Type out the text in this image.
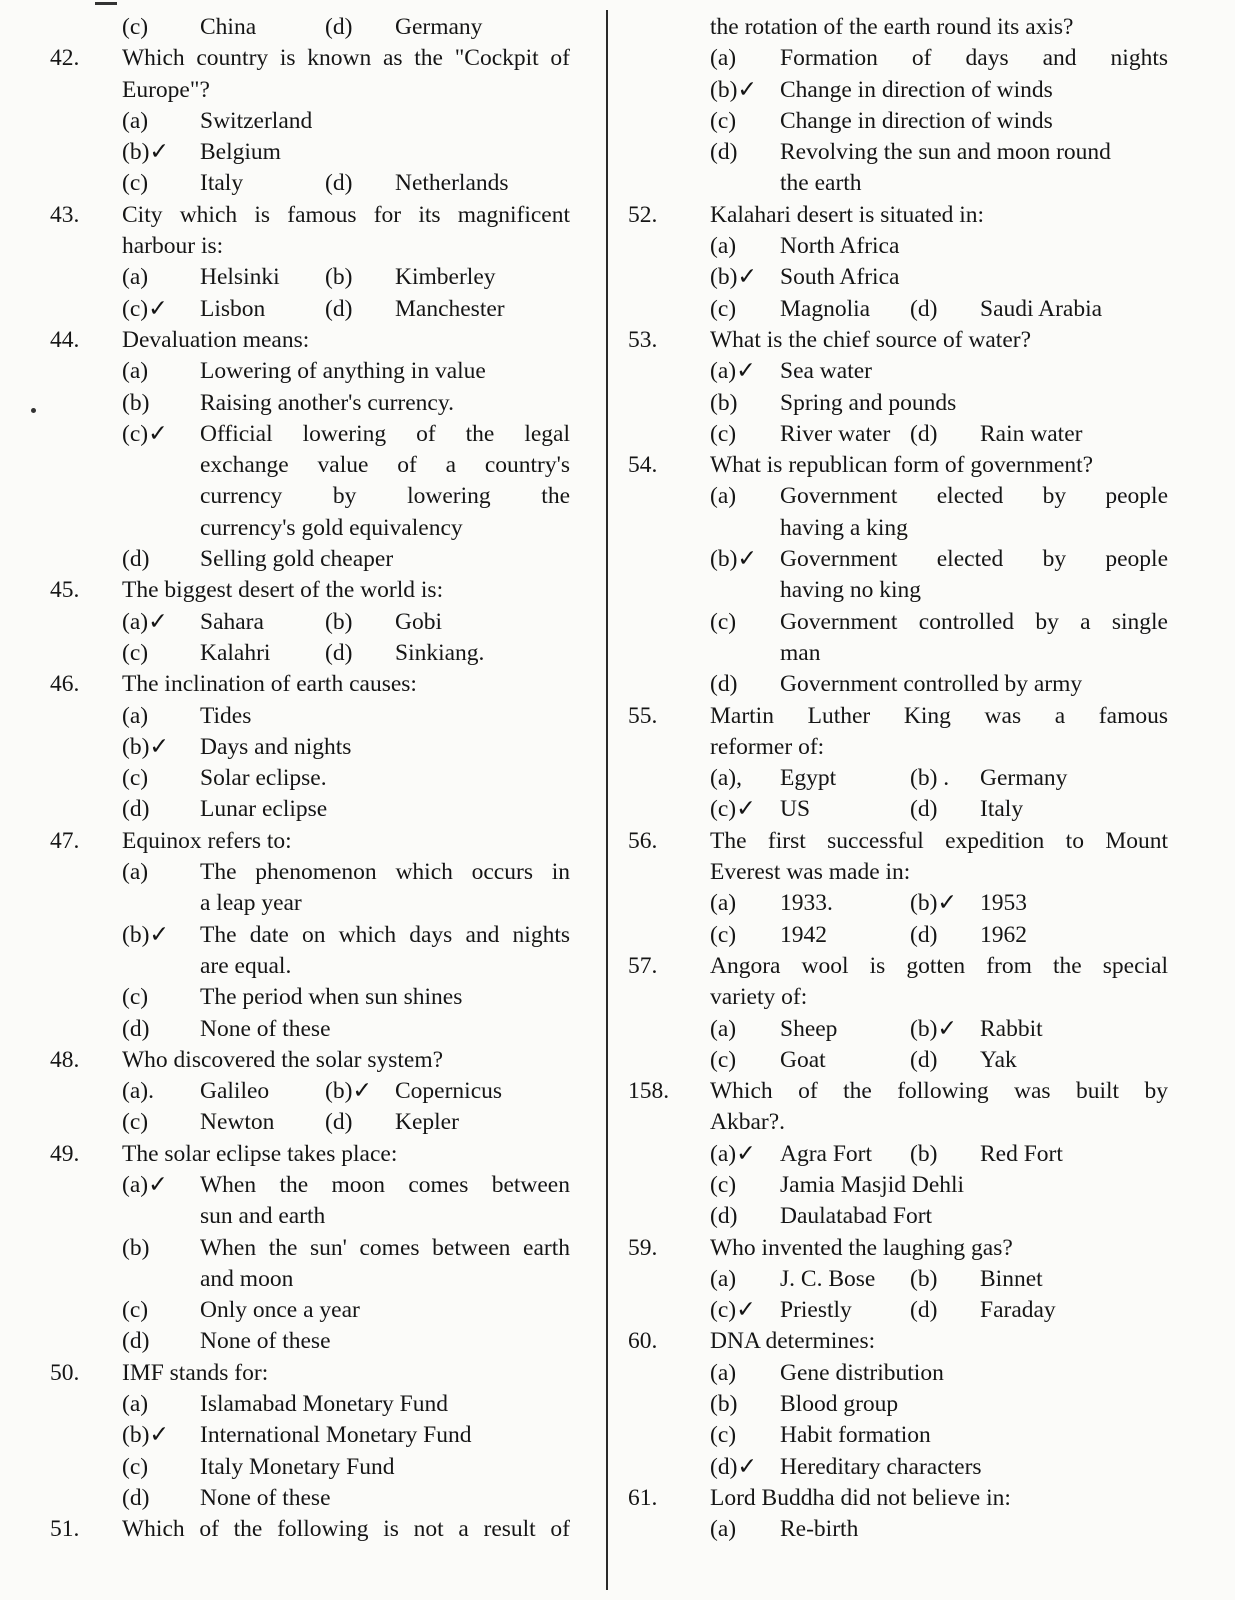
(c)	China	(d)	Germany
42.	Which country is known as the "Cockpit of
Europe"?
(a)	Switzerland
(b)✓	Belgium
(c)	Italy	(d)	Netherlands
43.	City which is famous for its magnificent
harbour is:
(a)	Helsinki	(b)	Kimberley
(c)✓	Lisbon	(d)	Manchester
44.	Devaluation means:
(a)	Lowering of anything in value
(b)	Raising another's currency.
(c)✓	Official lowering of the legal
exchange value of a country's
currency by lowering the
currency's gold equivalency
(d)	Selling gold cheaper
45.	The biggest desert of the world is:
(a)✓	Sahara	(b)	Gobi
(c)	Kalahri	(d)	Sinkiang.
46.	The inclination of earth causes:
(a)	Tides
(b)✓	Days and nights
(c)	Solar eclipse.
(d)	Lunar eclipse
47.	Equinox refers to:
(a)	The phenomenon which occurs in
a leap year
(b)✓	The date on which days and nights
are equal.
(c)	The period when sun shines
(d)	None of these
48.	Who discovered the solar system?
(a).	Galileo	(b)✓ Copernicus
(c)	Newton	(d)	Kepler
49.	The solar eclipse takes place:
(a)✓	When the moon comes between
sun and earth
(b)	When the sun' comes between earth
and moon
(c)	Only once a year
(d)	None of these
50.	IMF stands for:
(a)	Islamabad Monetary Fund
(b)✓	International Monetary Fund
(c)	Italy Monetary Fund
(d)	None of these
51.	Which of the following is not a result of
the rotation of the earth round its axis?
(a)	Formation of days and nights
(b)✓ Change in direction of winds
(c)	Change in direction of winds
(d)	Revolving the sun and moon round
the earth
52.	Kalahari desert is situated in:
(a)	North Africa
(b)✓ South Africa
(c)	Magnolia	(d)	Saudi Arabia
53.	What is the chief source of water?
(a)✓	Sea water
(b)	Spring and pounds
(c)	River water (d)	Rain water
54.	What is republican form of government?
(a)	Government elected by people
having a king
(b)✓ Government elected by people
having no king
(c)	Government controlled by a single
man
(d)	Government controlled by army
55.	Martin Luther King was a famous
reformer of:
(a),	Egypt	(b) .	Germany
(c)✓	US	(d)	Italy
56.	The first successful expedition to Mount
Everest was made in:
(a)	1933.	(b)✓ 1953
(c)	1942	(d)	1962
57.	Angora wool is gotten from the special
variety of:
(a)	Sheep	(b)✓ Rabbit
(c)	Goat	(d)	Yak
158.	Which of the following was built by
Akbar?.
(a)✓	Agra Fort	(b)	Red Fort
(c)	Jamia Masjid Dehli
(d)	Daulatabad Fort
59.	Who invented the laughing gas?
(a)	J. C. Bose	(b)	Binnet
(c)✓	Priestly	(d)	Faraday
60.	DNA determines:
(a)	Gene distribution
(b)	Blood group
(c)	Habit formation
(d)✓ Hereditary characters
61.	Lord Buddha did not believe in:
(a)	Re-birth
